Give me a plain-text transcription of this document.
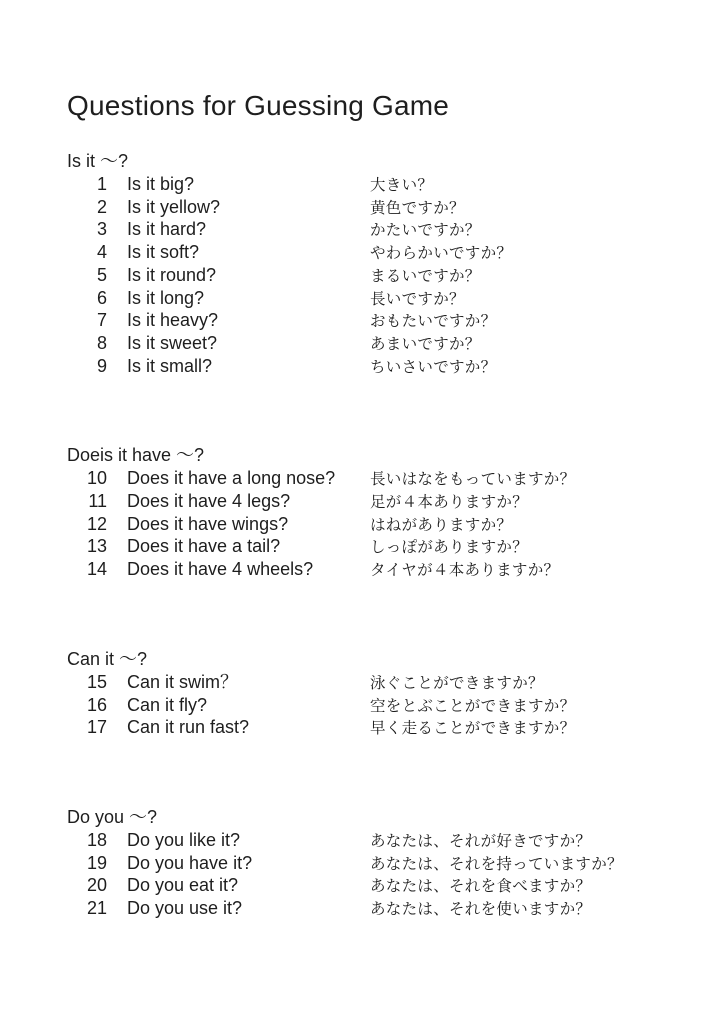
Questions for Guessing Game
Is it ～?
1 Is it big?	大きい？
2 Is it yellow?	黄色ですか？
3 Is it hard?	かたいですか？
4 Is it soft?	やわらかいですか？
5 Is it round?	まるいですか？
6 Is it long?	長いですか？
7 Is it heavy?	おもたいですか？
8 Is it sweet?	あまいですか？
9 Is it small?	ちいさいですか？
Doeis it have ～?
10 Does it have a long nose?	長いはなをもっていますか？
11 Does it have 4 legs?	足が４本ありますか？
12 Does it have wings?	はねがありますか？
13 Does it have a tail?	しっぽがありますか？
14 Does it have 4 wheels?	タイヤが４本ありますか？
Can it ～?
15 Can it swim？	泳ぐことができますか？
16 Can it fly?	空をとぶことができますか？
17 Can it run fast?	早く走ることができますか？
Do you ～?
18 Do you like it?	あなたは、それが好きですか？
19 Do you have it?	あなたは、それを持っていますか？
20 Do you eat it?	あなたは、それを食べますか？
21 Do you use it?	あなたは、それを使いますか？
